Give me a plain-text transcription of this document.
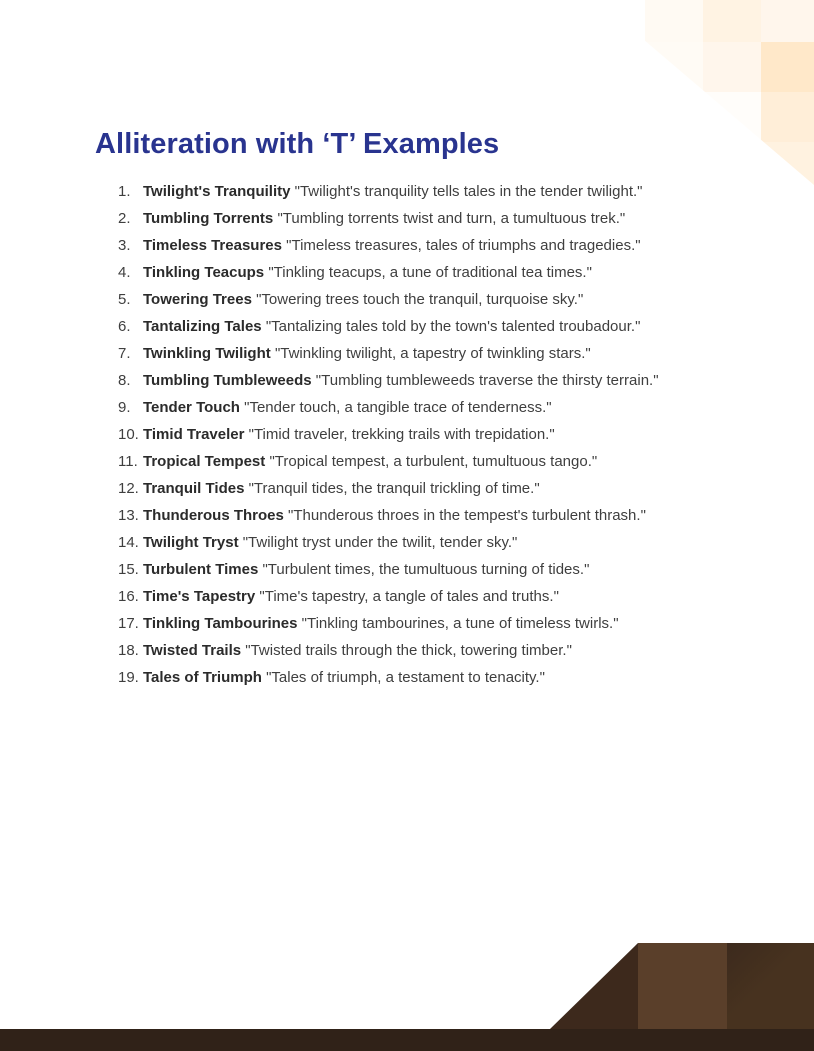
Alliteration with ‘T’ Examples
1. Twilight's Tranquility "Twilight's tranquility tells tales in the tender twilight."
2. Tumbling Torrents "Tumbling torrents twist and turn, a tumultuous trek."
3. Timeless Treasures "Timeless treasures, tales of triumphs and tragedies."
4. Tinkling Teacups "Tinkling teacups, a tune of traditional tea times."
5. Towering Trees "Towering trees touch the tranquil, turquoise sky."
6. Tantalizing Tales "Tantalizing tales told by the town's talented troubadour."
7. Twinkling Twilight "Twinkling twilight, a tapestry of twinkling stars."
8. Tumbling Tumbleweeds "Tumbling tumbleweeds traverse the thirsty terrain."
9. Tender Touch "Tender touch, a tangible trace of tenderness."
10. Timid Traveler "Timid traveler, trekking trails with trepidation."
11. Tropical Tempest "Tropical tempest, a turbulent, tumultuous tango."
12. Tranquil Tides "Tranquil tides, the tranquil trickling of time."
13. Thunderous Throes "Thunderous throes in the tempest's turbulent thrash."
14. Twilight Tryst "Twilight tryst under the twilit, tender sky."
15. Turbulent Times "Turbulent times, the tumultuous turning of tides."
16. Time's Tapestry "Time's tapestry, a tangle of tales and truths."
17. Tinkling Tambourines "Tinkling tambourines, a tune of timeless twirls."
18. Twisted Trails "Twisted trails through the thick, towering timber."
19. Tales of Triumph "Tales of triumph, a testament to tenacity."
